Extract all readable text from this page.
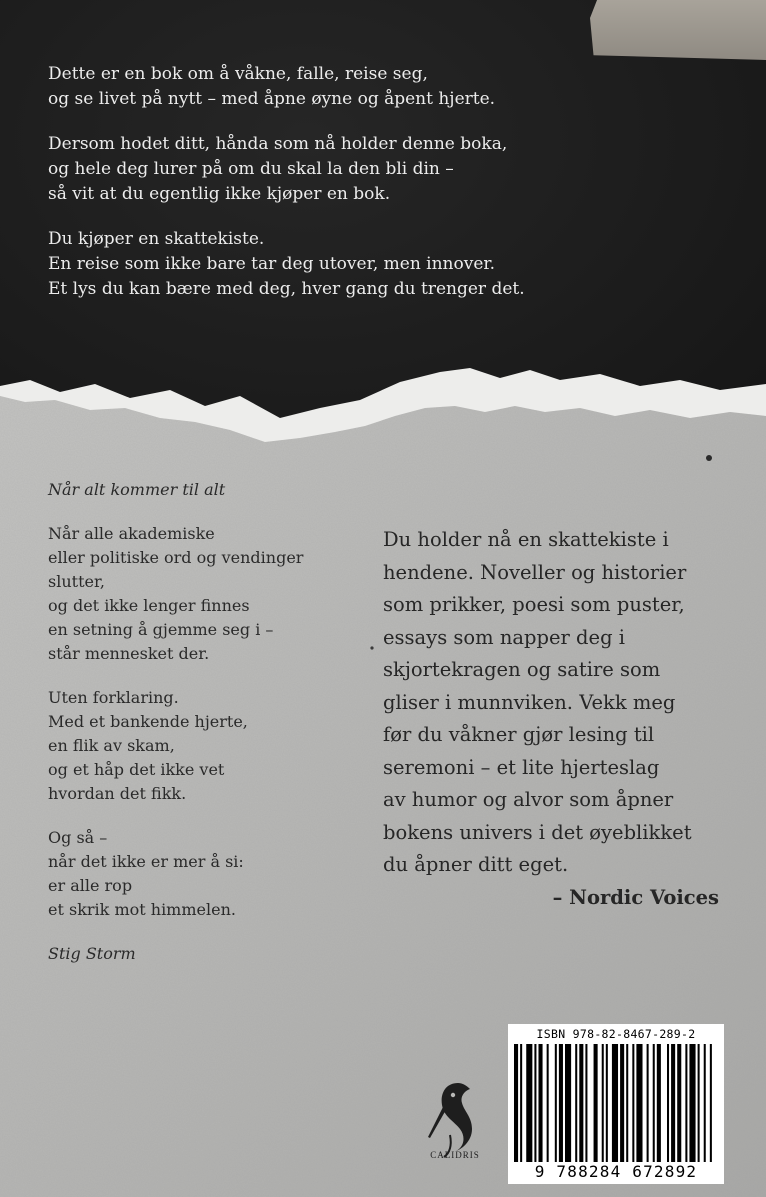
Dette er en bok om å våkne, falle, reise seg,
og se livet på nytt – med åpne øyne og åpent hjerte.

Dersom hodet ditt, hånda som nå holder denne boka,
og hele deg lurer på om du skal la den bli din –
så vit at du egentlig ikke kjøper en bok.

Du kjøper en skattekiste.
En reise som ikke bare tar deg utover, men innover.
Et lys du kan bære med deg, hver gang du trenger det.

Når alt kommer til alt

Når alle akademiske
eller politiske ord og vendinger
slutter,
og det ikke lenger finnes
en setning å gjemme seg i –
står mennesket der.

Uten forklaring.
Med et bankende hjerte,
en flik av skam,
og et håp det ikke vet
hvordan det fikk.

Og så –
når det ikke er mer å si:
er alle rop
et skrik mot himmelen.

Stig Storm
Du holder nå en skattekiste i
hendene. Noveller og historier
som prikker, poesi som puster,
essays som napper deg i
skjortekragen og satire som
gliser i munnviken. Vekk meg
før du våkner gjør lesing til
seremoni – et lite hjerteslag
av humor og alvor som åpner
bokens univers i det øyeblikket
du åpner ditt eget.
– Nordic Voices
CALIDRIS
ISBN 978-82-8467-289-2
9 788284 672892
